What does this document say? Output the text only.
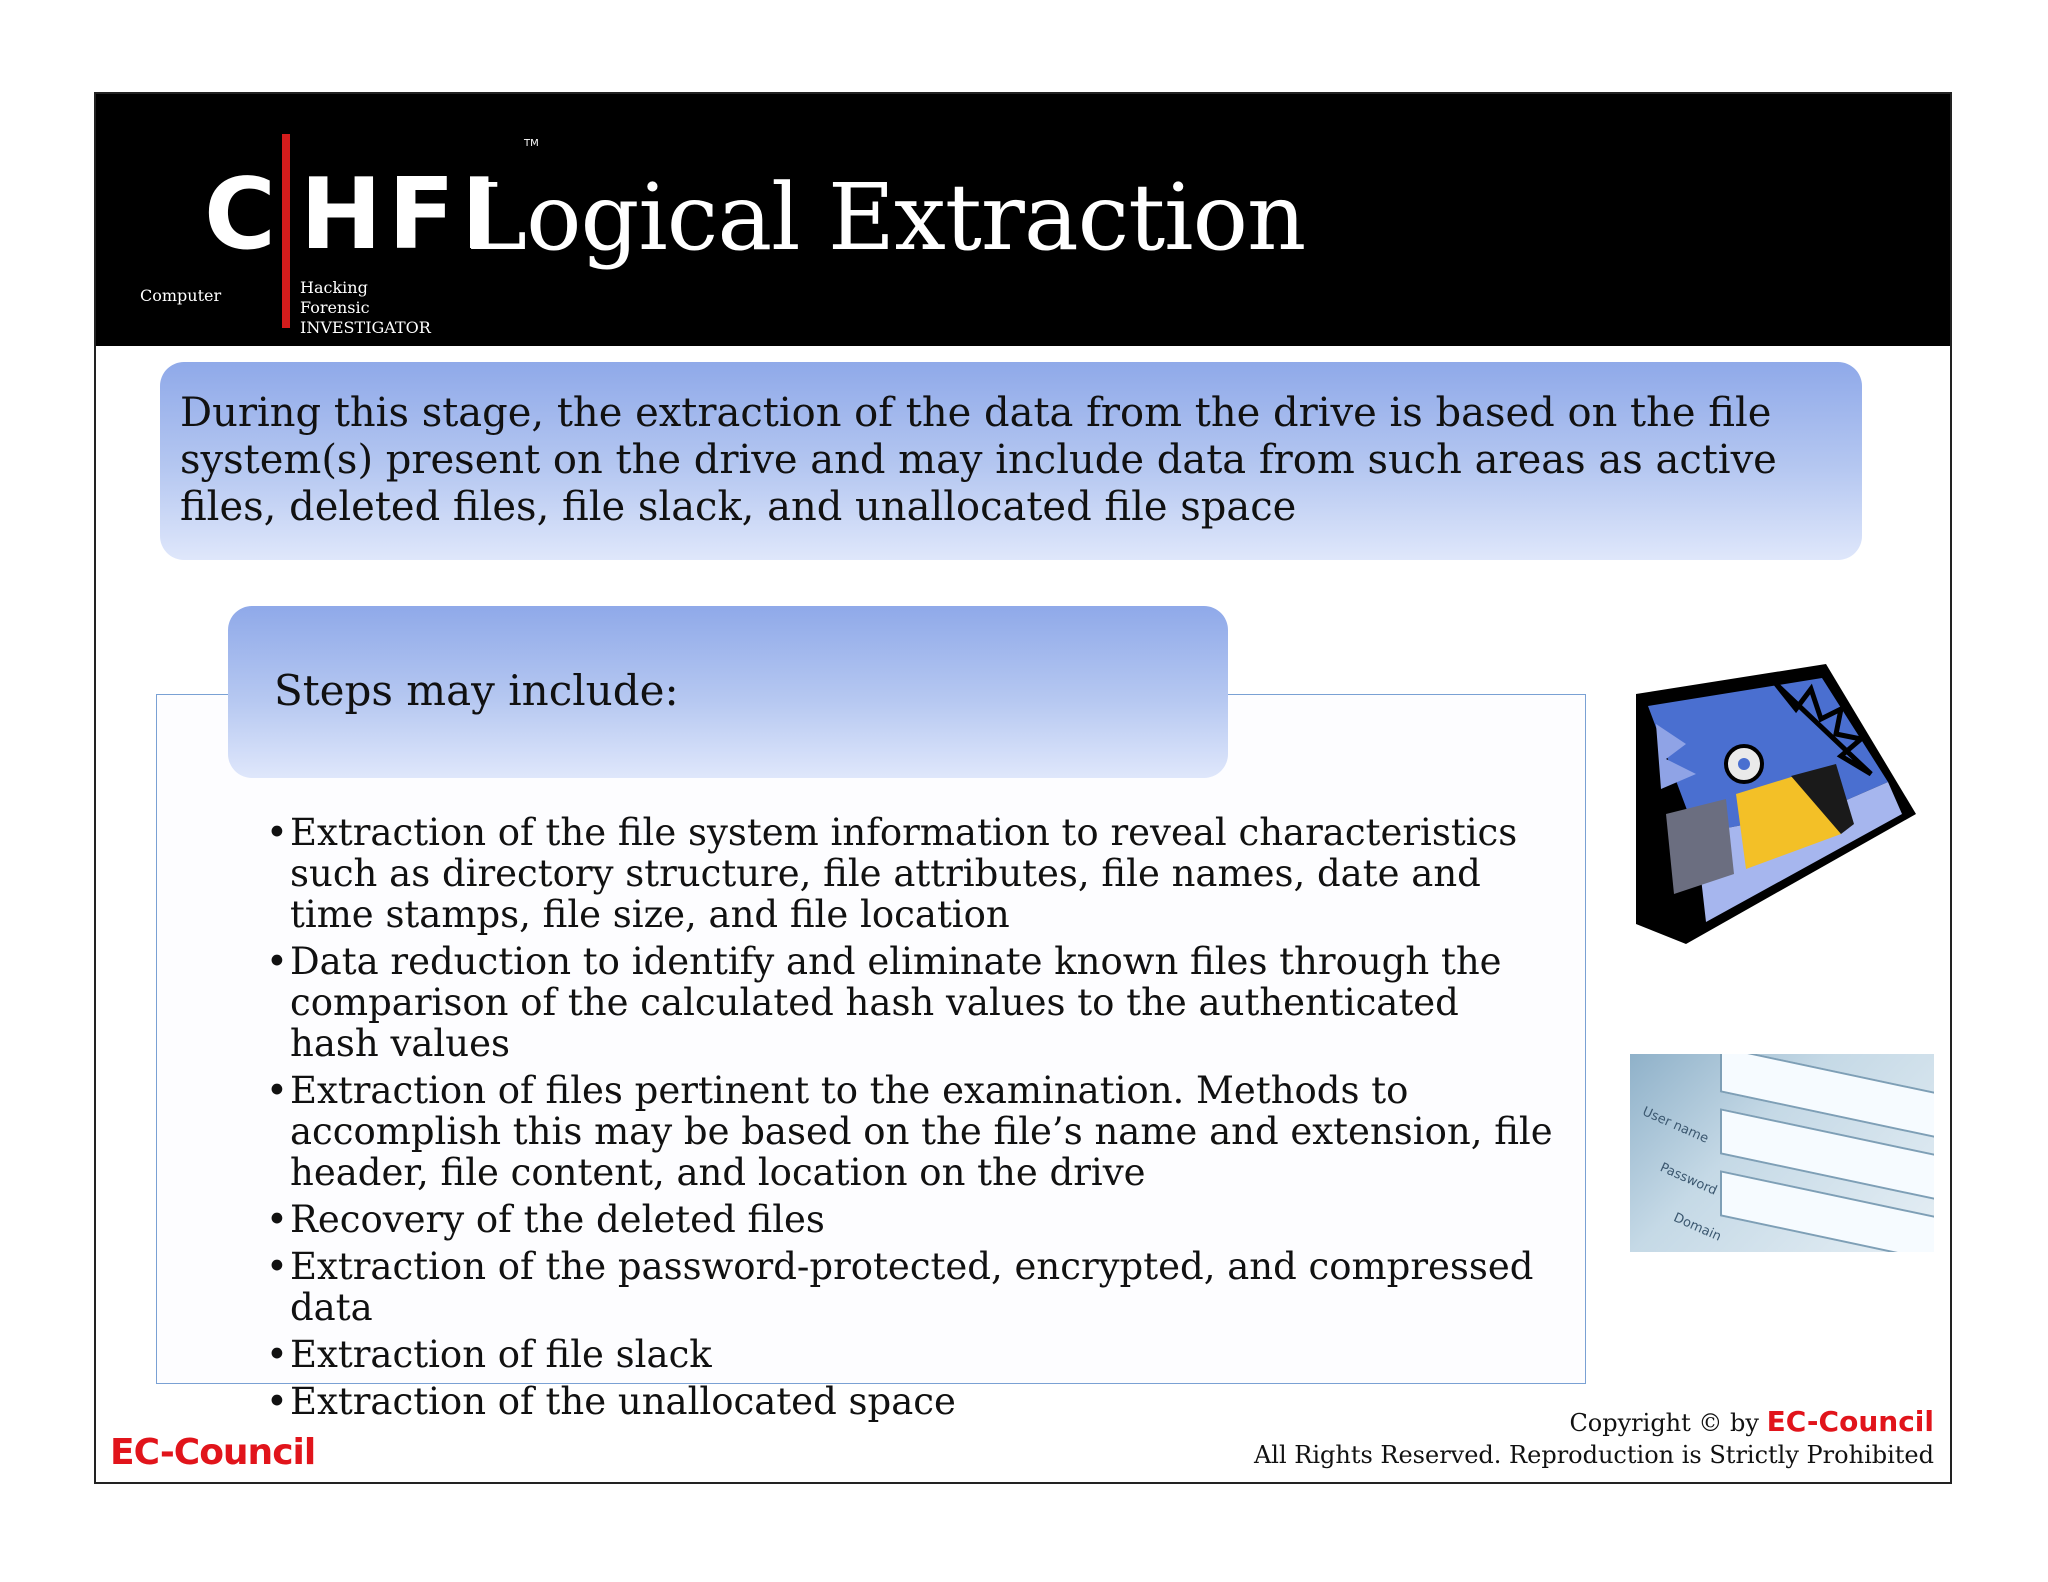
C HFI
TM
Computer	Hacking Forensic
INVESTIGATOR
Logical Extraction
During this stage, the extraction of the data from the drive is based on the file system(s) present on the drive and may include data from such areas as active files, deleted files, file slack, and unallocated file space
Steps may include:
• Extraction of the file system information to reveal characteristics such as directory structure, file attributes, file names, date and time stamps, file size, and file location
• Data reduction to identify and eliminate known files through the comparison of the calculated hash values to the authenticated hash values
• Extraction of files pertinent to the examination. Methods to accomplish this may be based on the file’s name and extension, file header, file content, and location on the drive
• Recovery of the deleted files
• Extraction of the password-protected, encrypted, and compressed data
• Extraction of file slack
• Extraction of the unallocated space
User name
Password
Domain
EC-Council
Copyright © by EC-Council
All Rights Reserved. Reproduction is Strictly Prohibited
